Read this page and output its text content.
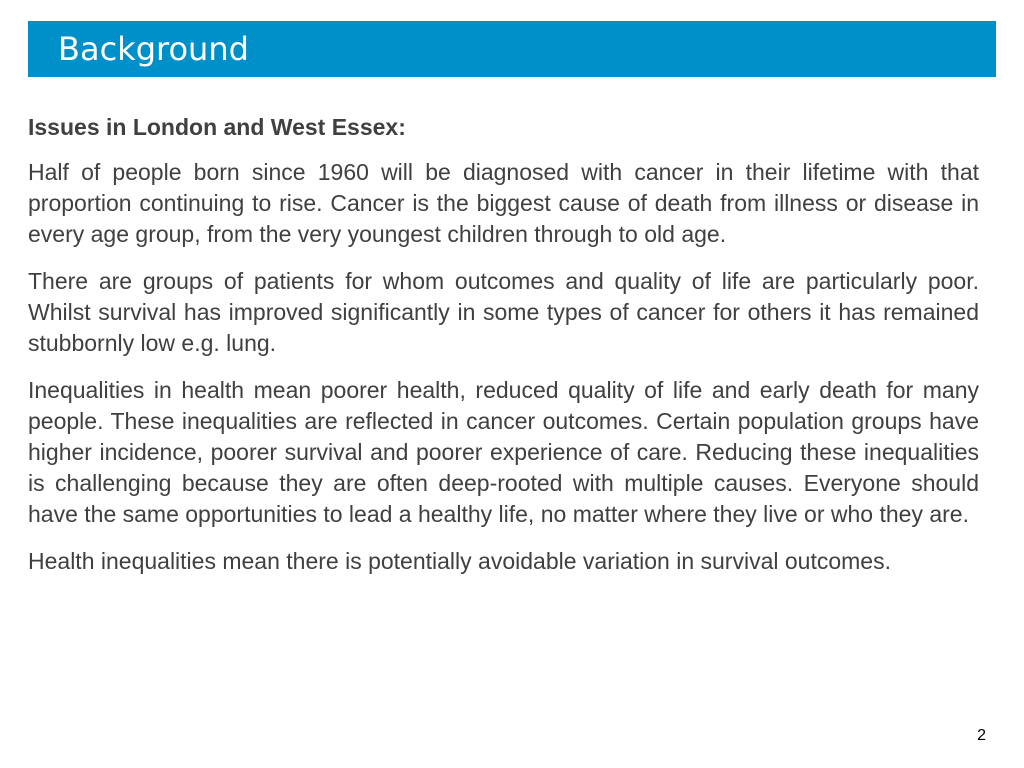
Background

Issues in London and West Essex:

Half of people born since 1960 will be diagnosed with cancer in their lifetime with that proportion continuing to rise. Cancer is the biggest cause of death from illness or disease in every age group, from the very youngest children through to old age.

There are groups of patients for whom outcomes and quality of life are particularly poor. Whilst survival has improved significantly in some types of cancer for others it has remained stubbornly low e.g. lung.

Inequalities in health mean poorer health, reduced quality of life and early death for many people. These inequalities are reflected in cancer outcomes. Certain population groups have higher incidence, poorer survival and poorer experience of care. Reducing these inequalities is challenging because they are often deep-rooted with multiple causes. Everyone should have the same opportunities to lead a healthy life, no matter where they live or who they are.

Health inequalities mean there is potentially avoidable variation in survival outcomes.

2
